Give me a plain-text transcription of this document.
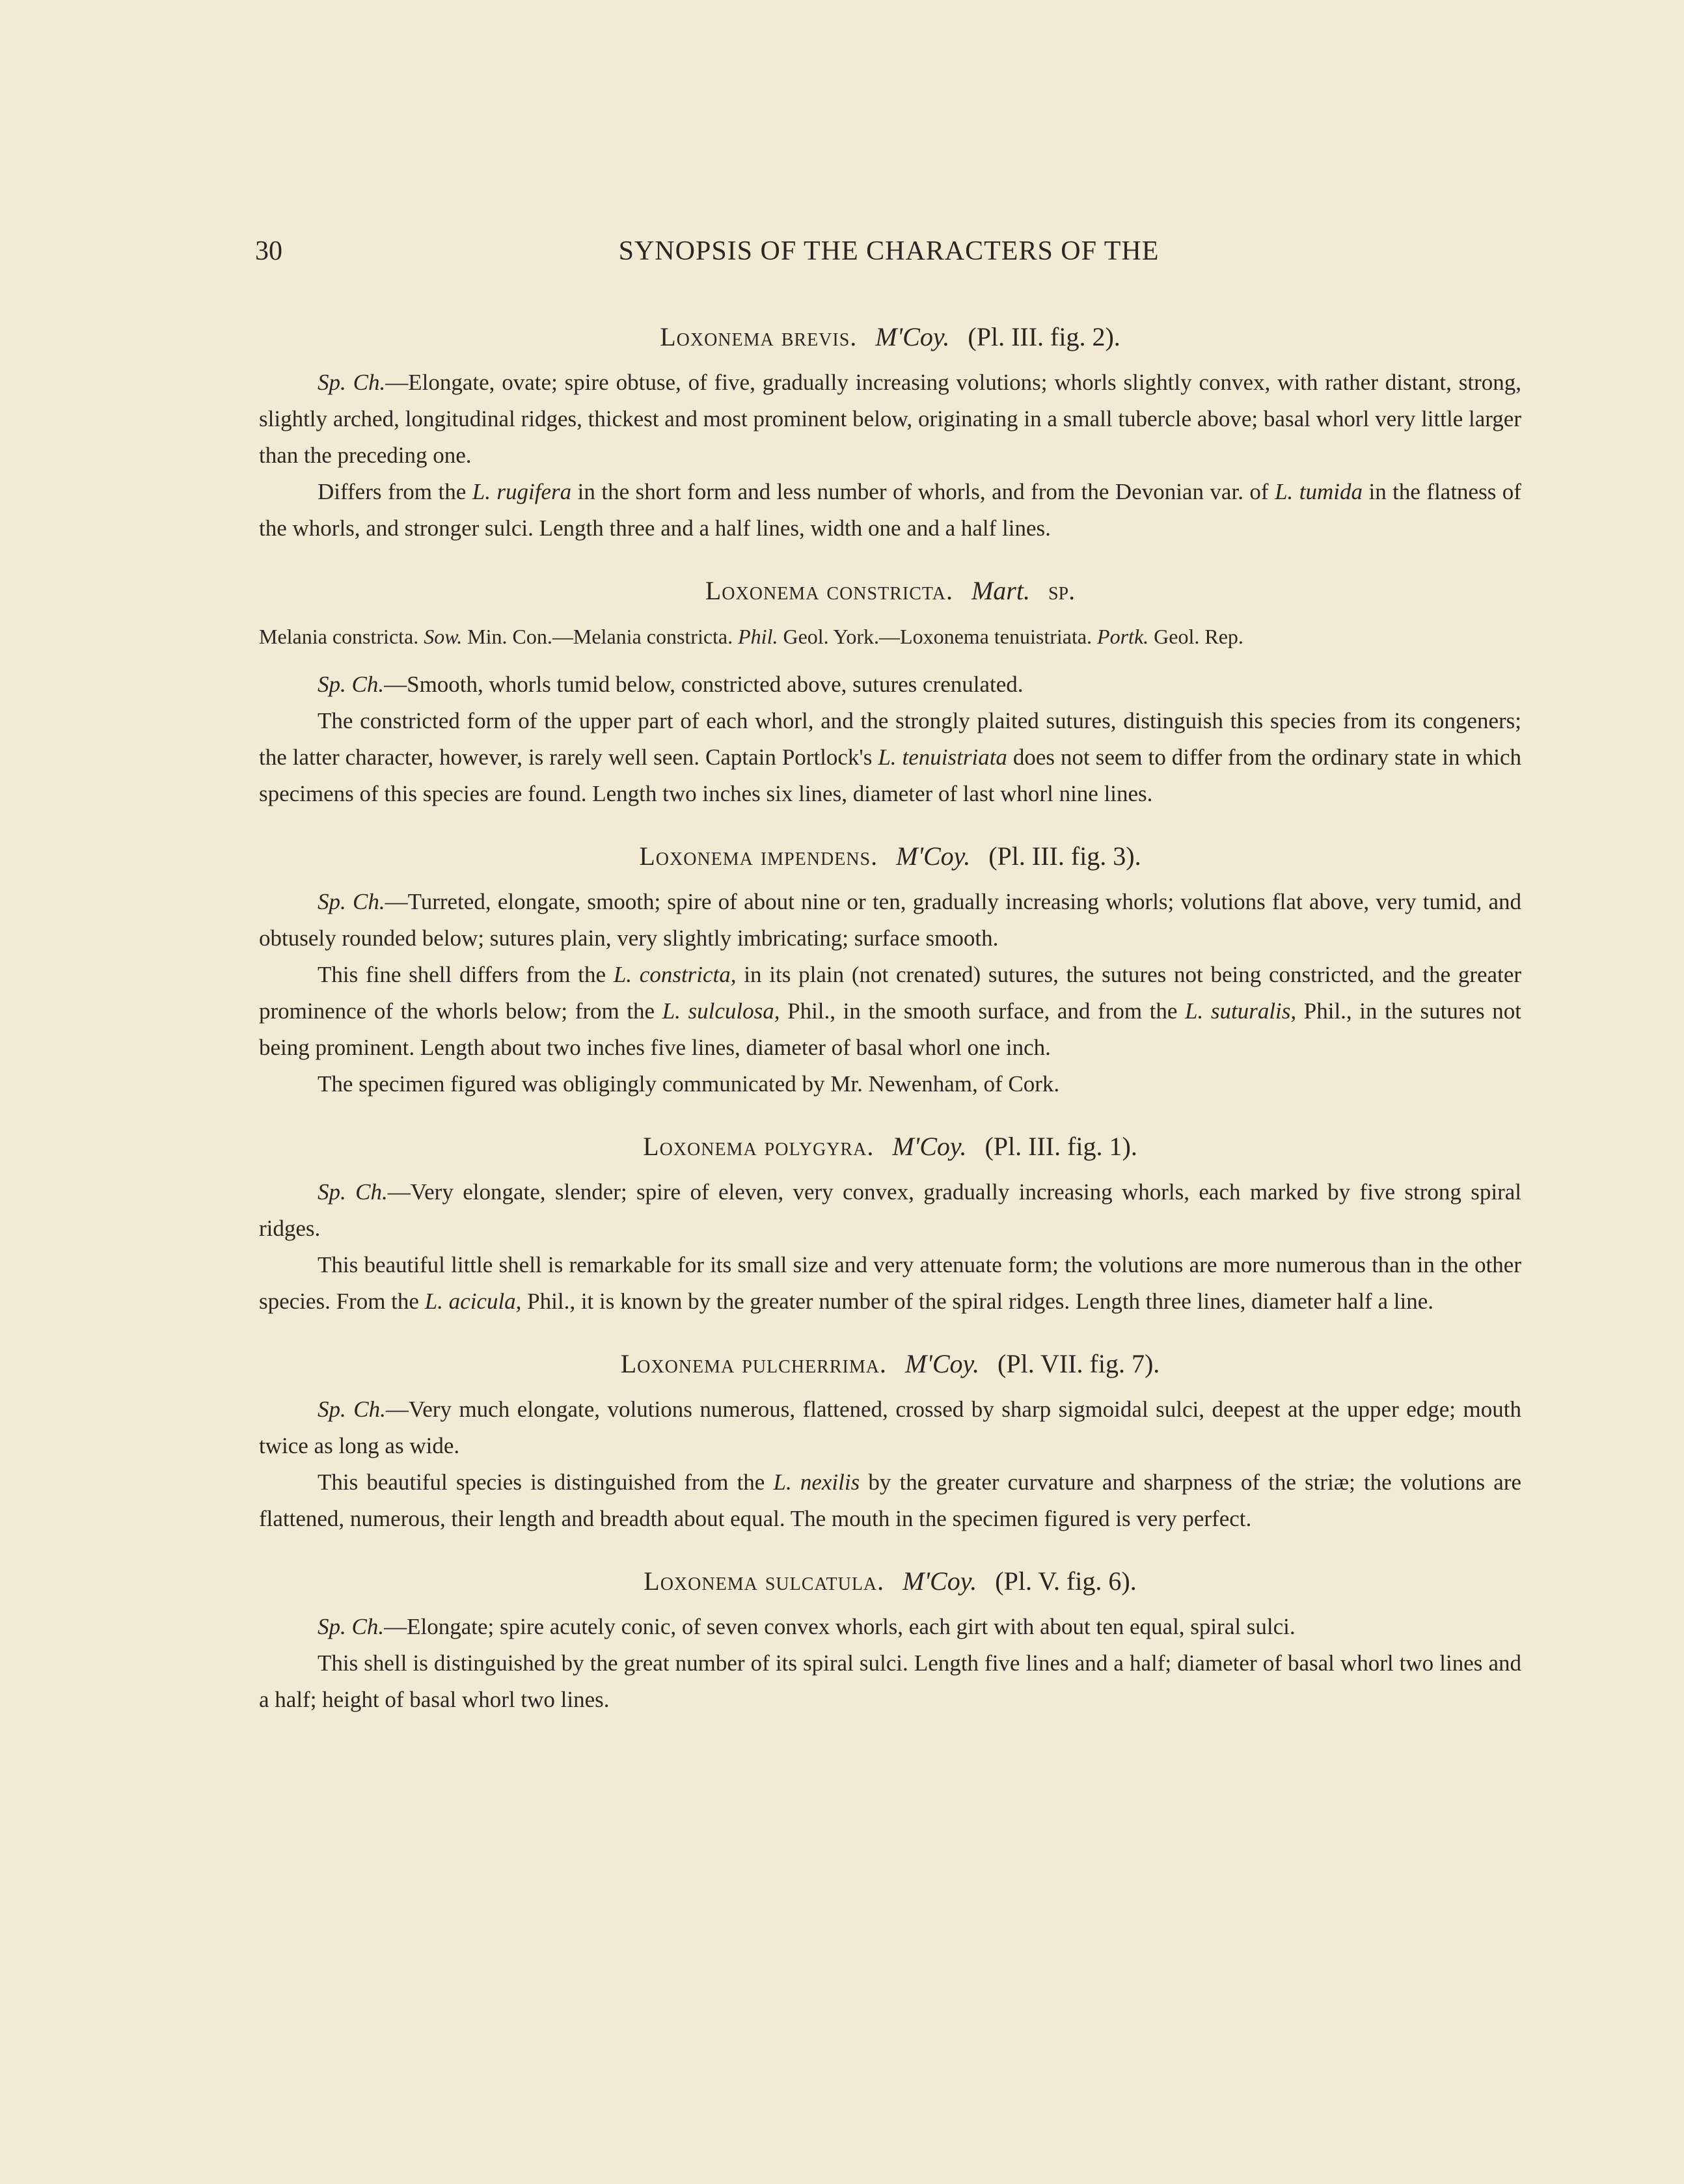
30	SYNOPSIS OF THE CHARACTERS OF THE
Loxonema brevis. M'Coy. (Pl. III. fig. 2).

Sp. Ch.—Elongate, ovate; spire obtuse, of five, gradually increasing volutions; whorls slightly convex, with rather distant, strong, slightly arched, longitudinal ridges, thickest and most prominent below, originating in a small tubercle above; basal whorl very little larger than the preceding one.

Differs from the L. rugifera in the short form and less number of whorls, and from the Devonian var. of L. tumida in the flatness of the whorls, and stronger sulci. Length three and a half lines, width one and a half lines.

Loxonema constricta. Mart. sp.
Melania constricta. Sow. Min. Con.—Melania constricta. Phil. Geol. York.—Loxonema tenuistriata. Portk. Geol. Rep.

Sp. Ch.—Smooth, whorls tumid below, constricted above, sutures crenulated.

The constricted form of the upper part of each whorl, and the strongly plaited sutures, distinguish this species from its congeners; the latter character, however, is rarely well seen. Captain Portlock's L. tenuistriata does not seem to differ from the ordinary state in which specimens of this species are found. Length two inches six lines, diameter of last whorl nine lines.

Loxonema impendens. M'Coy. (Pl. III. fig. 3).

Sp. Ch.—Turreted, elongate, smooth; spire of about nine or ten, gradually increasing whorls; volutions flat above, very tumid, and obtusely rounded below; sutures plain, very slightly imbricating; surface smooth.

This fine shell differs from the L. constricta, in its plain (not crenated) sutures, the sutures not being constricted, and the greater prominence of the whorls below; from the L. sulculosa, Phil., in the smooth surface, and from the L. suturalis, Phil., in the sutures not being prominent. Length about two inches five lines, diameter of basal whorl one inch.

The specimen figured was obligingly communicated by Mr. Newenham, of Cork.

Loxonema polygyra. M'Coy. (Pl. III. fig. 1).

Sp. Ch.—Very elongate, slender; spire of eleven, very convex, gradually increasing whorls, each marked by five strong spiral ridges.

This beautiful little shell is remarkable for its small size and very attenuate form; the volutions are more numerous than in the other species. From the L. acicula, Phil., it is known by the greater number of the spiral ridges. Length three lines, diameter half a line.

Loxonema pulcherrima. M'Coy. (Pl. VII. fig. 7).

Sp. Ch.—Very much elongate, volutions numerous, flattened, crossed by sharp sigmoidal sulci, deepest at the upper edge; mouth twice as long as wide.

This beautiful species is distinguished from the L. nexilis by the greater curvature and sharpness of the striæ; the volutions are flattened, numerous, their length and breadth about equal. The mouth in the specimen figured is very perfect.

Loxonema sulcatula. M'Coy. (Pl. V. fig. 6).

Sp. Ch.—Elongate; spire acutely conic, of seven convex whorls, each girt with about ten equal, spiral sulci.

This shell is distinguished by the great number of its spiral sulci. Length five lines and a half; diameter of basal whorl two lines and a half; height of basal whorl two lines.
